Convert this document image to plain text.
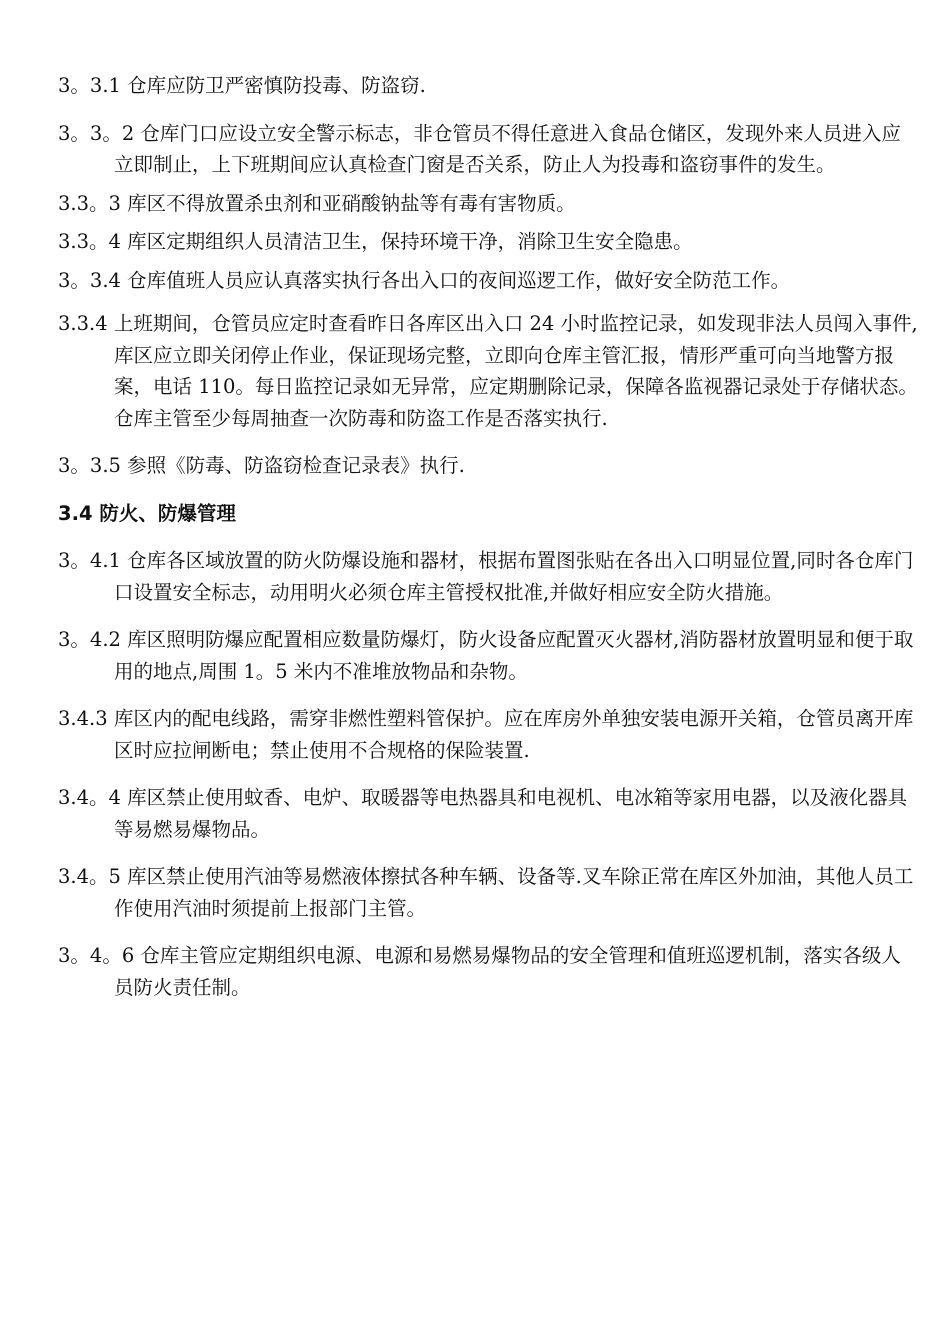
3。3.1 仓库应防卫严密慎防投毒、防盗窃.

3。3。2 仓库门口应设立安全警示标志，非仓管员不得任意进入食品仓储区，发现外来人员进入应立即制止，上下班期间应认真检查门窗是否关系，防止人为投毒和盗窃事件的发生。

3.3。3 库区不得放置杀虫剂和亚硝酸钠盐等有毒有害物质。

3.3。4 库区定期组织人员清洁卫生，保持环境干净，消除卫生安全隐患。

3。3.4 仓库值班人员应认真落实执行各出入口的夜间巡逻工作，做好安全防范工作。

3.3.4 上班期间，仓管员应定时查看昨日各库区出入口 24 小时监控记录，如发现非法人员闯入事件,库区应立即关闭停止作业，保证现场完整，立即向仓库主管汇报，情形严重可向当地警方报案，电话 110。每日监控记录如无异常，应定期删除记录，保障各监视器记录处于存储状态。仓库主管至少每周抽查一次防毒和防盗工作是否落实执行.

3。3.5 参照《防毒、防盗窃检查记录表》执行.

3.4 防火、防爆管理

3。4.1 仓库各区域放置的防火防爆设施和器材，根据布置图张贴在各出入口明显位置,同时各仓库门口设置安全标志，动用明火必须仓库主管授权批准,并做好相应安全防火措施。

3。4.2 库区照明防爆应配置相应数量防爆灯，防火设备应配置灭火器材,消防器材放置明显和便于取用的地点,周围 1。5 米内不准堆放物品和杂物。

3.4.3 库区内的配电线路，需穿非燃性塑料管保护。应在库房外单独安装电源开关箱，仓管员离开库区时应拉闸断电；禁止使用不合规格的保险装置.

3.4。4 库区禁止使用蚊香、电炉、取暖器等电热器具和电视机、电冰箱等家用电器，以及液化器具等易燃易爆物品。

3.4。5 库区禁止使用汽油等易燃液体擦拭各种车辆、设备等.叉车除正常在库区外加油，其他人员工作使用汽油时须提前上报部门主管。

3。4。6 仓库主管应定期组织电源、电源和易燃易爆物品的安全管理和值班巡逻机制，落实各级人员防火责任制。
